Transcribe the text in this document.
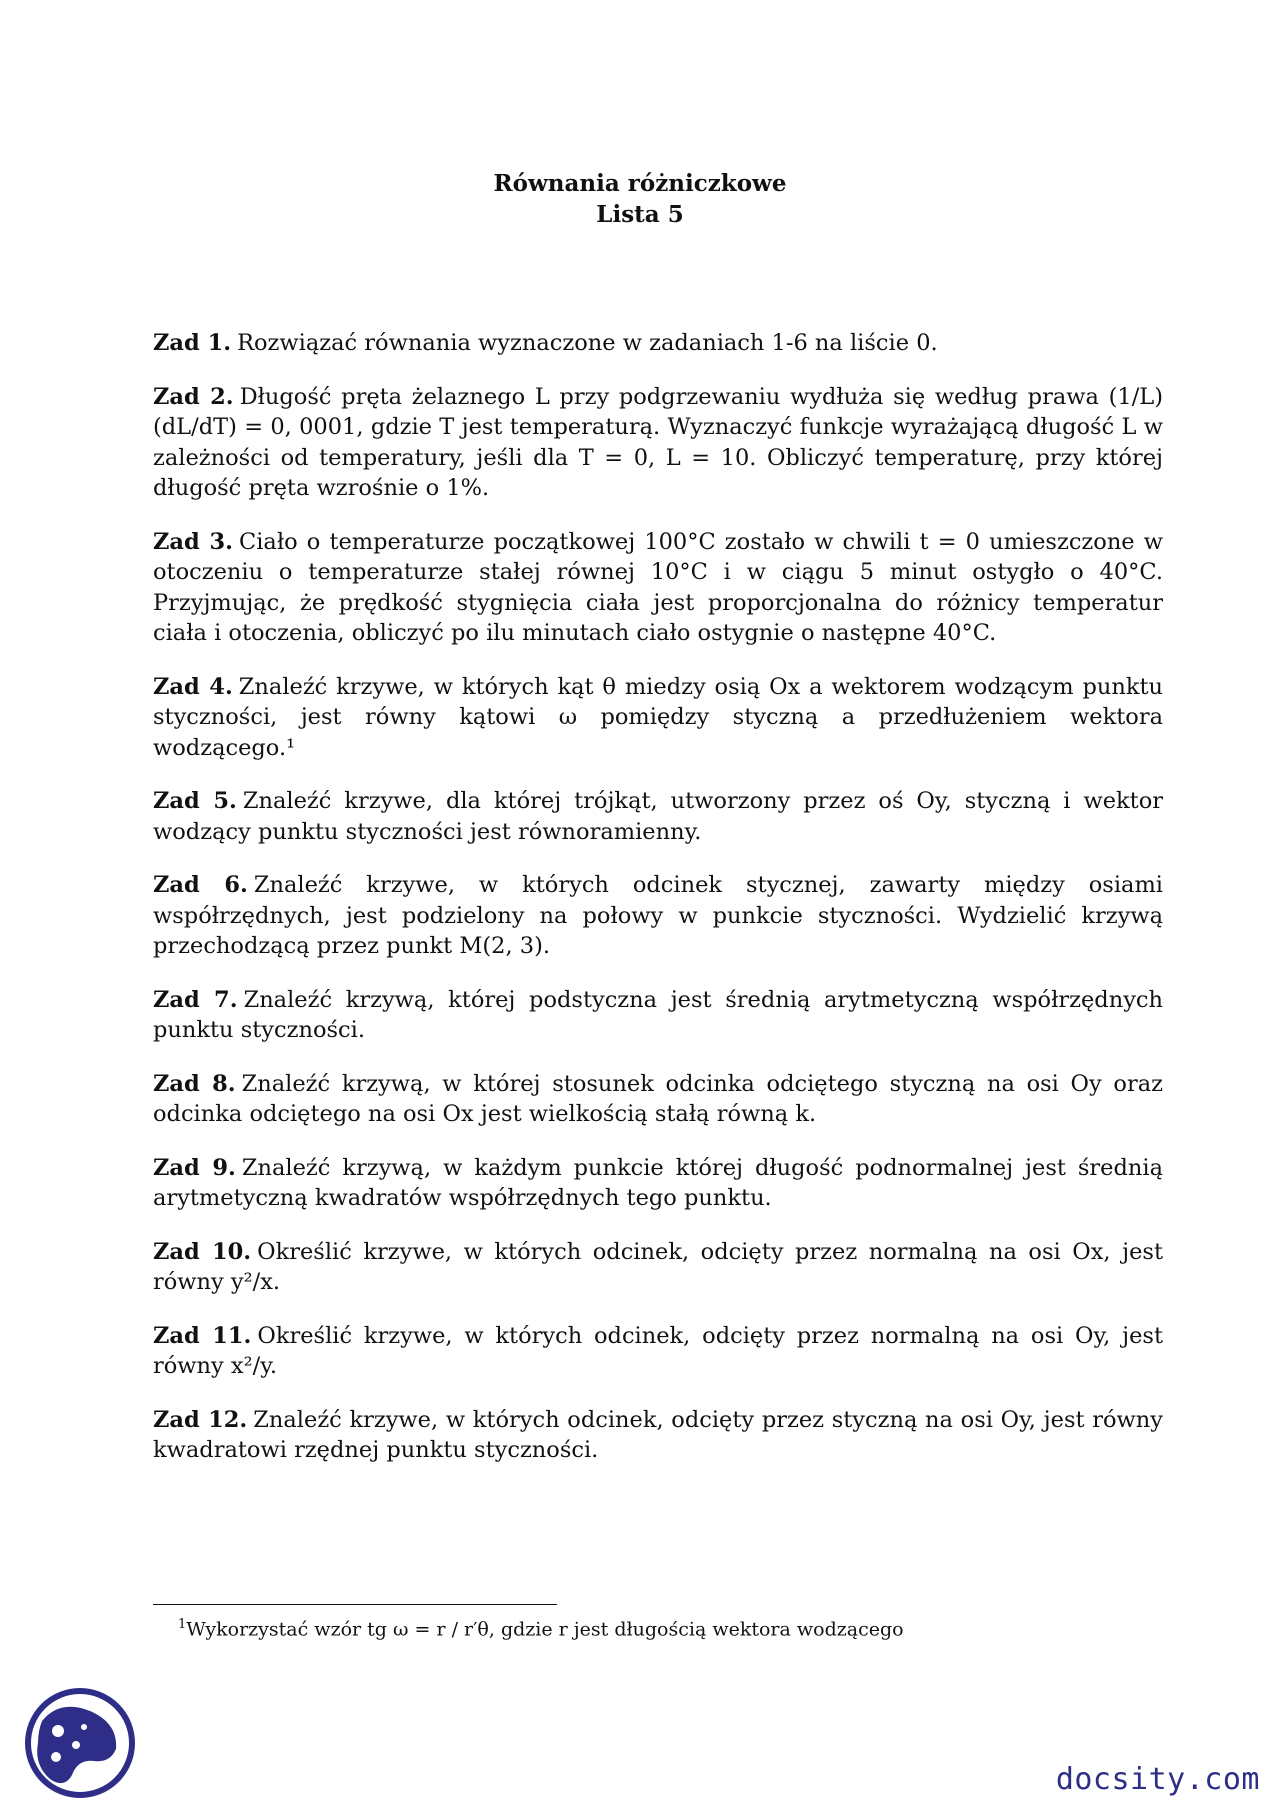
Równania różniczkowe
Lista 5
Zad 1. Rozwiązać równania wyznaczone w zadaniach 1-6 na liście 0.
Zad 2. Długość pręta żelaznego L przy podgrzewaniu wydłuża się według prawa (1/L)(dL/dT) = 0, 0001, gdzie T jest temperaturą. Wyznaczyć funkcje wyrażającą długość L w zależności od temperatury, jeśli dla T = 0, L = 10. Obliczyć temperaturę, przy której długość pręta wzrośnie o 1%.
Zad 3. Ciało o temperaturze początkowej 100°C zostało w chwili t = 0 umieszczone w otoczeniu o temperaturze stałej równej 10°C i w ciągu 5 minut ostygło o 40°C. Przyjmując, że prędkość stygnięcia ciała jest proporcjonalna do różnicy temperatur ciała i otoczenia, obliczyć po ilu minutach ciało ostygnie o następne 40°C.
Zad 4. Znaleźć krzywe, w których kąt θ miedzy osią Ox a wektorem wodzącym punktu styczności, jest równy kątowi ω pomiędzy styczną a przedłużeniem wektora wodzącego.¹
Zad 5. Znaleźć krzywe, dla której trójkąt, utworzony przez oś Oy, styczną i wektor wodzący punktu styczności jest równoramienny.
Zad 6. Znaleźć krzywe, w których odcinek stycznej, zawarty między osiami współrzędnych, jest podzielony na połowy w punkcie styczności. Wydzielić krzywą przechodzącą przez punkt M(2, 3).
Zad 7. Znaleźć krzywą, której podstyczna jest średnią arytmetyczną współrzędnych punktu styczności.
Zad 8. Znaleźć krzywą, w której stosunek odcinka odciętego styczną na osi Oy oraz odcinka odciętego na osi Ox jest wielkością stałą równą k.
Zad 9. Znaleźć krzywą, w każdym punkcie której długość podnormalnej jest średnią arytmetyczną kwadratów współrzędnych tego punktu.
Zad 10. Określić krzywe, w których odcinek, odcięty przez normalną na osi Ox, jest równy y²/x.
Zad 11. Określić krzywe, w których odcinek, odcięty przez normalną na osi Oy, jest równy x²/y.
Zad 12. Znaleźć krzywe, w których odcinek, odcięty przez styczną na osi Oy, jest równy kwadratowi rzędnej punktu styczności.
$^1$Wykorzystać wzór tg ω = r / r′θ, gdzie r jest długością wektora wodzącego
docsity.com
